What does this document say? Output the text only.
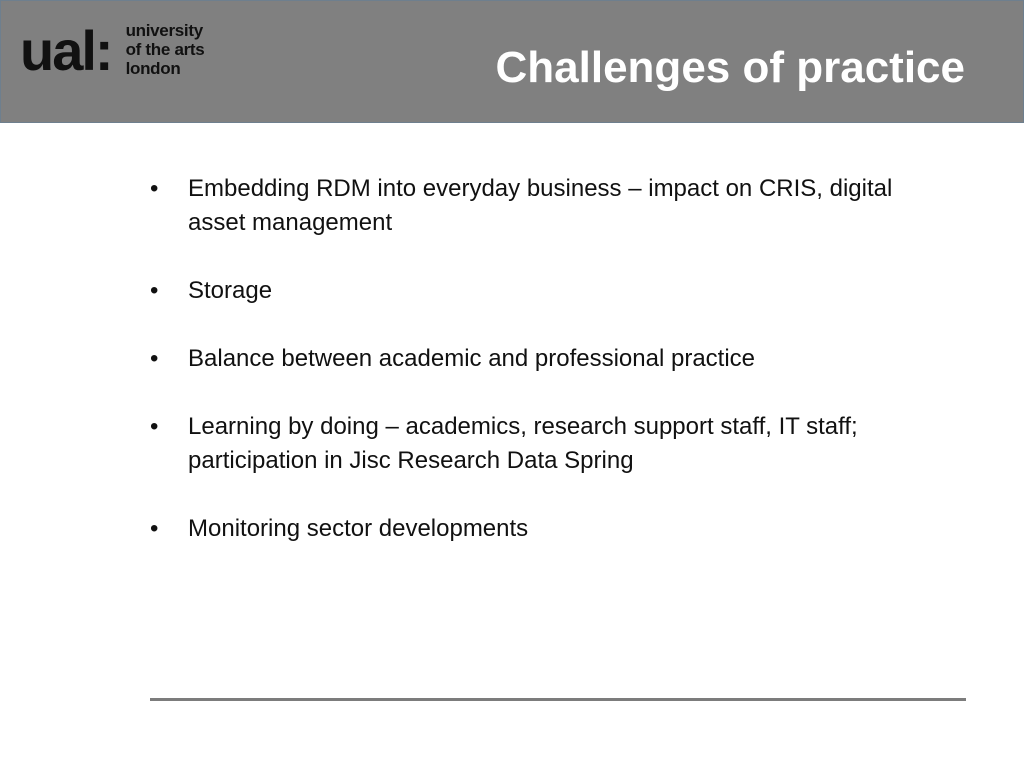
ual: university
of the arts
london	Challenges of practice
•	Embedding RDM into everyday business – impact on CRIS, digital asset management
•	Storage
•	Balance between academic and professional practice
•	Learning by doing – academics, research support staff, IT staff; participation in Jisc Research Data Spring
•	Monitoring sector developments
